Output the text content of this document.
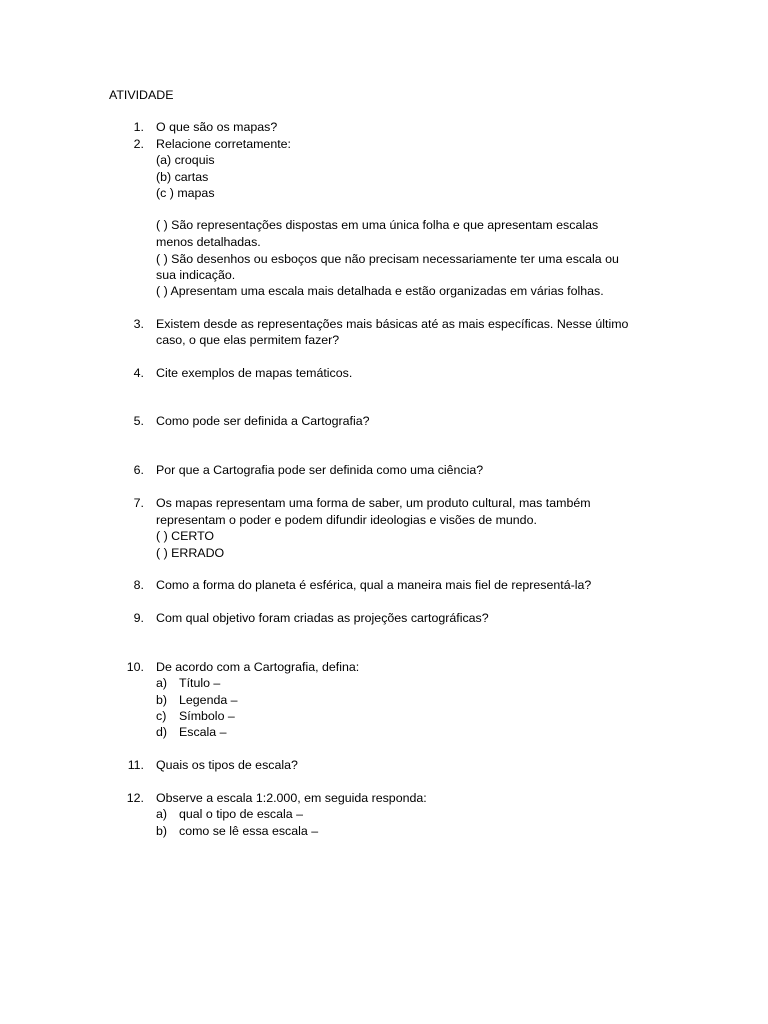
ATIVIDADE
1. O que são os mapas?
2. Relacione corretamente:
(a) croquis
(b) cartas
(c ) mapas
( ) São representações dispostas em uma única folha e que apresentam escalas
menos detalhadas.
( ) São desenhos ou esboços que não precisam necessariamente ter uma escala ou
sua indicação.
( ) Apresentam uma escala mais detalhada e estão organizadas em várias folhas.
3. Existem desde as representações mais básicas até as mais específicas. Nesse último
caso, o que elas permitem fazer?
4. Cite exemplos de mapas temáticos.
5. Como pode ser definida a Cartografia?
6. Por que a Cartografia pode ser definida como uma ciência?
7. Os mapas representam uma forma de saber, um produto cultural, mas também
representam o poder e podem difundir ideologias e visões de mundo.
( ) CERTO
( ) ERRADO
8. Como a forma do planeta é esférica, qual a maneira mais fiel de representá-la?
9. Com qual objetivo foram criadas as projeções cartográficas?
10. De acordo com a Cartografia, defina:
a) Título –
b) Legenda –
c) Símbolo –
d) Escala –
11. Quais os tipos de escala?
12. Observe a escala 1:2.000, em seguida responda:
a) qual o tipo de escala –
b) como se lê essa escala –
